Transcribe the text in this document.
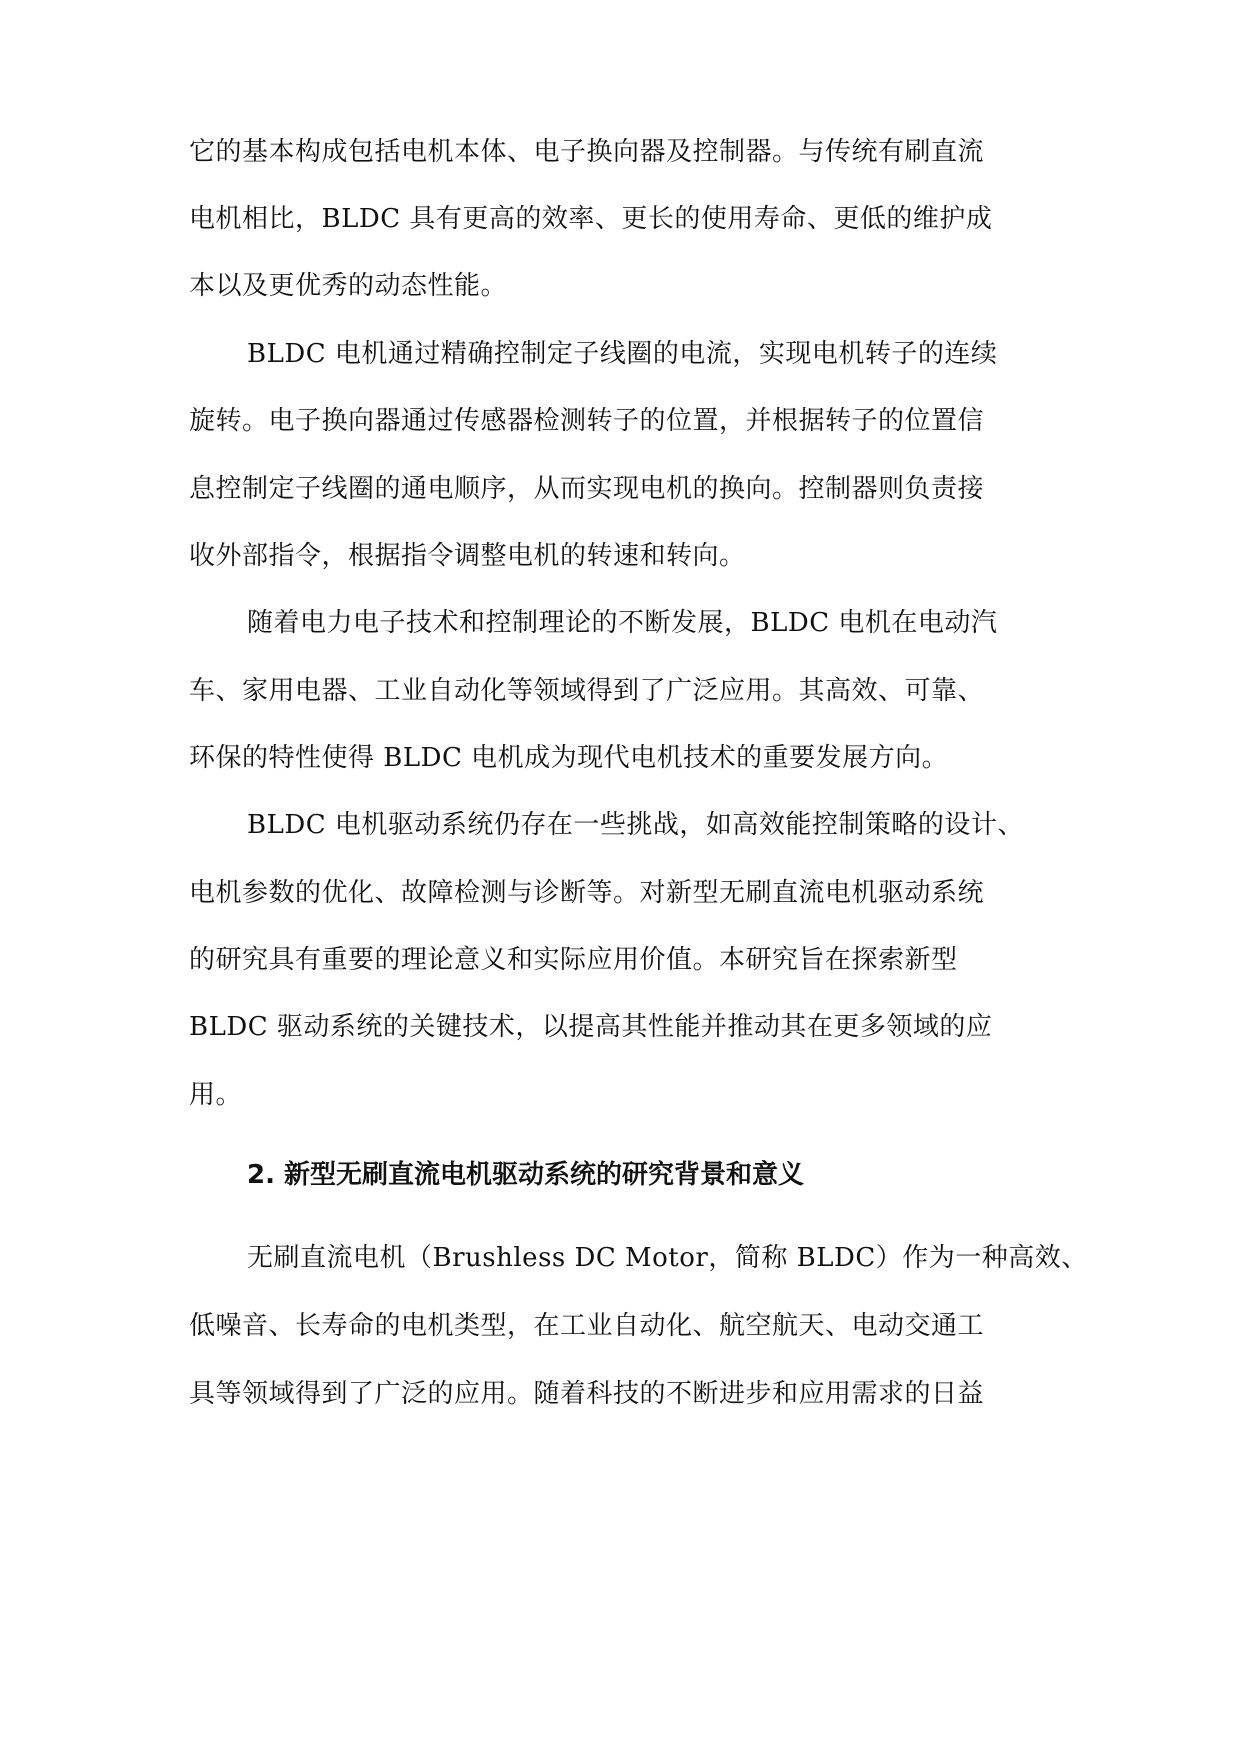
它的基本构成包括电机本体、电子换向器及控制器。与传统有刷直流
电机相比，BLDC 具有更高的效率、更长的使用寿命、更低的维护成
本以及更优秀的动态性能。
BLDC 电机通过精确控制定子线圈的电流，实现电机转子的连续
旋转。电子换向器通过传感器检测转子的位置，并根据转子的位置信
息控制定子线圈的通电顺序，从而实现电机的换向。控制器则负责接
收外部指令，根据指令调整电机的转速和转向。
随着电力电子技术和控制理论的不断发展，BLDC 电机在电动汽
车、家用电器、工业自动化等领域得到了广泛应用。其高效、可靠、
环保的特性使得 BLDC 电机成为现代电机技术的重要发展方向。
BLDC 电机驱动系统仍存在一些挑战，如高效能控制策略的设计、
电机参数的优化、故障检测与诊断等。对新型无刷直流电机驱动系统
的研究具有重要的理论意义和实际应用价值。本研究旨在探索新型
BLDC 驱动系统的关键技术，以提高其性能并推动其在更多领域的应
用。
2. 新型无刷直流电机驱动系统的研究背景和意义
无刷直流电机（Brushless DC Motor，简称 BLDC）作为一种高效、
低噪音、长寿命的电机类型，在工业自动化、航空航天、电动交通工
具等领域得到了广泛的应用。随着科技的不断进步和应用需求的日益
